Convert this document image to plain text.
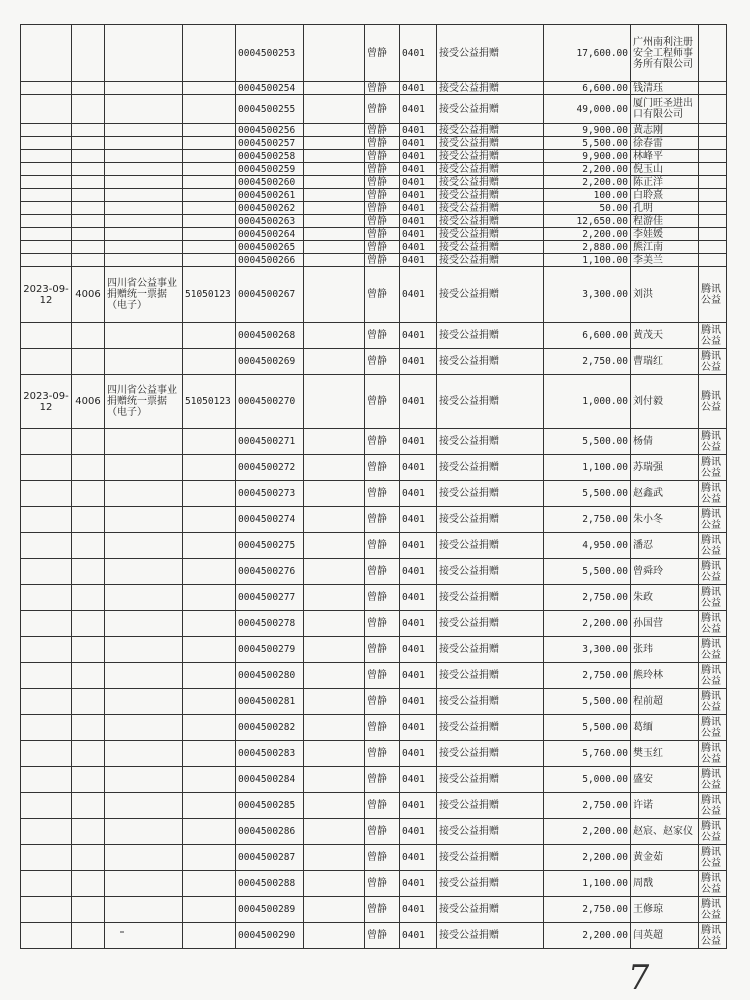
				0004500253		曾静	0401	接受公益捐赠	17,600.00	广州南利注册安全工程师事务所有限公司	
				0004500254		曾静	0401	接受公益捐赠	6,600.00	钱清珏	
				0004500255		曾静	0401	接受公益捐赠	49,000.00	厦门旺圣进出口有限公司	
				0004500256		曾静	0401	接受公益捐赠	9,900.00	黄志刚	
				0004500257		曾静	0401	接受公益捐赠	5,500.00	徐春雷	
				0004500258		曾静	0401	接受公益捐赠	9,900.00	林峰平	
				0004500259		曾静	0401	接受公益捐赠	2,200.00	倪玉山	
				0004500260		曾静	0401	接受公益捐赠	2,200.00	陈正洋	
				0004500261		曾静	0401	接受公益捐赠	100.00	白聆熹	
				0004500262		曾静	0401	接受公益捐赠	50.00	孔明	
				0004500263		曾静	0401	接受公益捐赠	12,650.00	程游佳	
				0004500264		曾静	0401	接受公益捐赠	2,200.00	李娃媛	
				0004500265		曾静	0401	接受公益捐赠	2,880.00	熊江南	
				0004500266		曾静	0401	接受公益捐赠	1,100.00	李美兰	
2023-09-12	4006	四川省公益事业捐赠统一票据（电子）	51050123	0004500267		曾静	0401	接受公益捐赠	3,300.00	刘洪	腾讯公益
				0004500268		曾静	0401	接受公益捐赠	6,600.00	黄茂天	腾讯公益
				0004500269		曾静	0401	接受公益捐赠	2,750.00	曹瑞红	腾讯公益
2023-09-12	4006	四川省公益事业捐赠统一票据（电子）	51050123	0004500270		曾静	0401	接受公益捐赠	1,000.00	刘付毅	腾讯公益
				0004500271		曾静	0401	接受公益捐赠	5,500.00	杨倩	腾讯公益
				0004500272		曾静	0401	接受公益捐赠	1,100.00	苏瑞强	腾讯公益
				0004500273		曾静	0401	接受公益捐赠	5,500.00	赵鑫武	腾讯公益
				0004500274		曾静	0401	接受公益捐赠	2,750.00	朱小冬	腾讯公益
				0004500275		曾静	0401	接受公益捐赠	4,950.00	潘忍	腾讯公益
				0004500276		曾静	0401	接受公益捐赠	5,500.00	曾舜玲	腾讯公益
				0004500277		曾静	0401	接受公益捐赠	2,750.00	朱政	腾讯公益
				0004500278		曾静	0401	接受公益捐赠	2,200.00	孙国营	腾讯公益
				0004500279		曾静	0401	接受公益捐赠	3,300.00	张玮	腾讯公益
				0004500280		曾静	0401	接受公益捐赠	2,750.00	熊玲林	腾讯公益
				0004500281		曾静	0401	接受公益捐赠	5,500.00	程前超	腾讯公益
				0004500282		曾静	0401	接受公益捐赠	5,500.00	葛缅	腾讯公益
				0004500283		曾静	0401	接受公益捐赠	5,760.00	樊玉红	腾讯公益
				0004500284		曾静	0401	接受公益捐赠	5,000.00	盛安	腾讯公益
				0004500285		曾静	0401	接受公益捐赠	2,750.00	许诺	腾讯公益
				0004500286		曾静	0401	接受公益捐赠	2,200.00	赵宸、赵家仪	腾讯公益
				0004500287		曾静	0401	接受公益捐赠	2,200.00	黄金茹	腾讯公益
				0004500288		曾静	0401	接受公益捐赠	1,100.00	周戬	腾讯公益
				0004500289		曾静	0401	接受公益捐赠	2,750.00	王修琼	腾讯公益
				0004500290		曾静	0401	接受公益捐赠	2,200.00	闫英超	腾讯公益
7
